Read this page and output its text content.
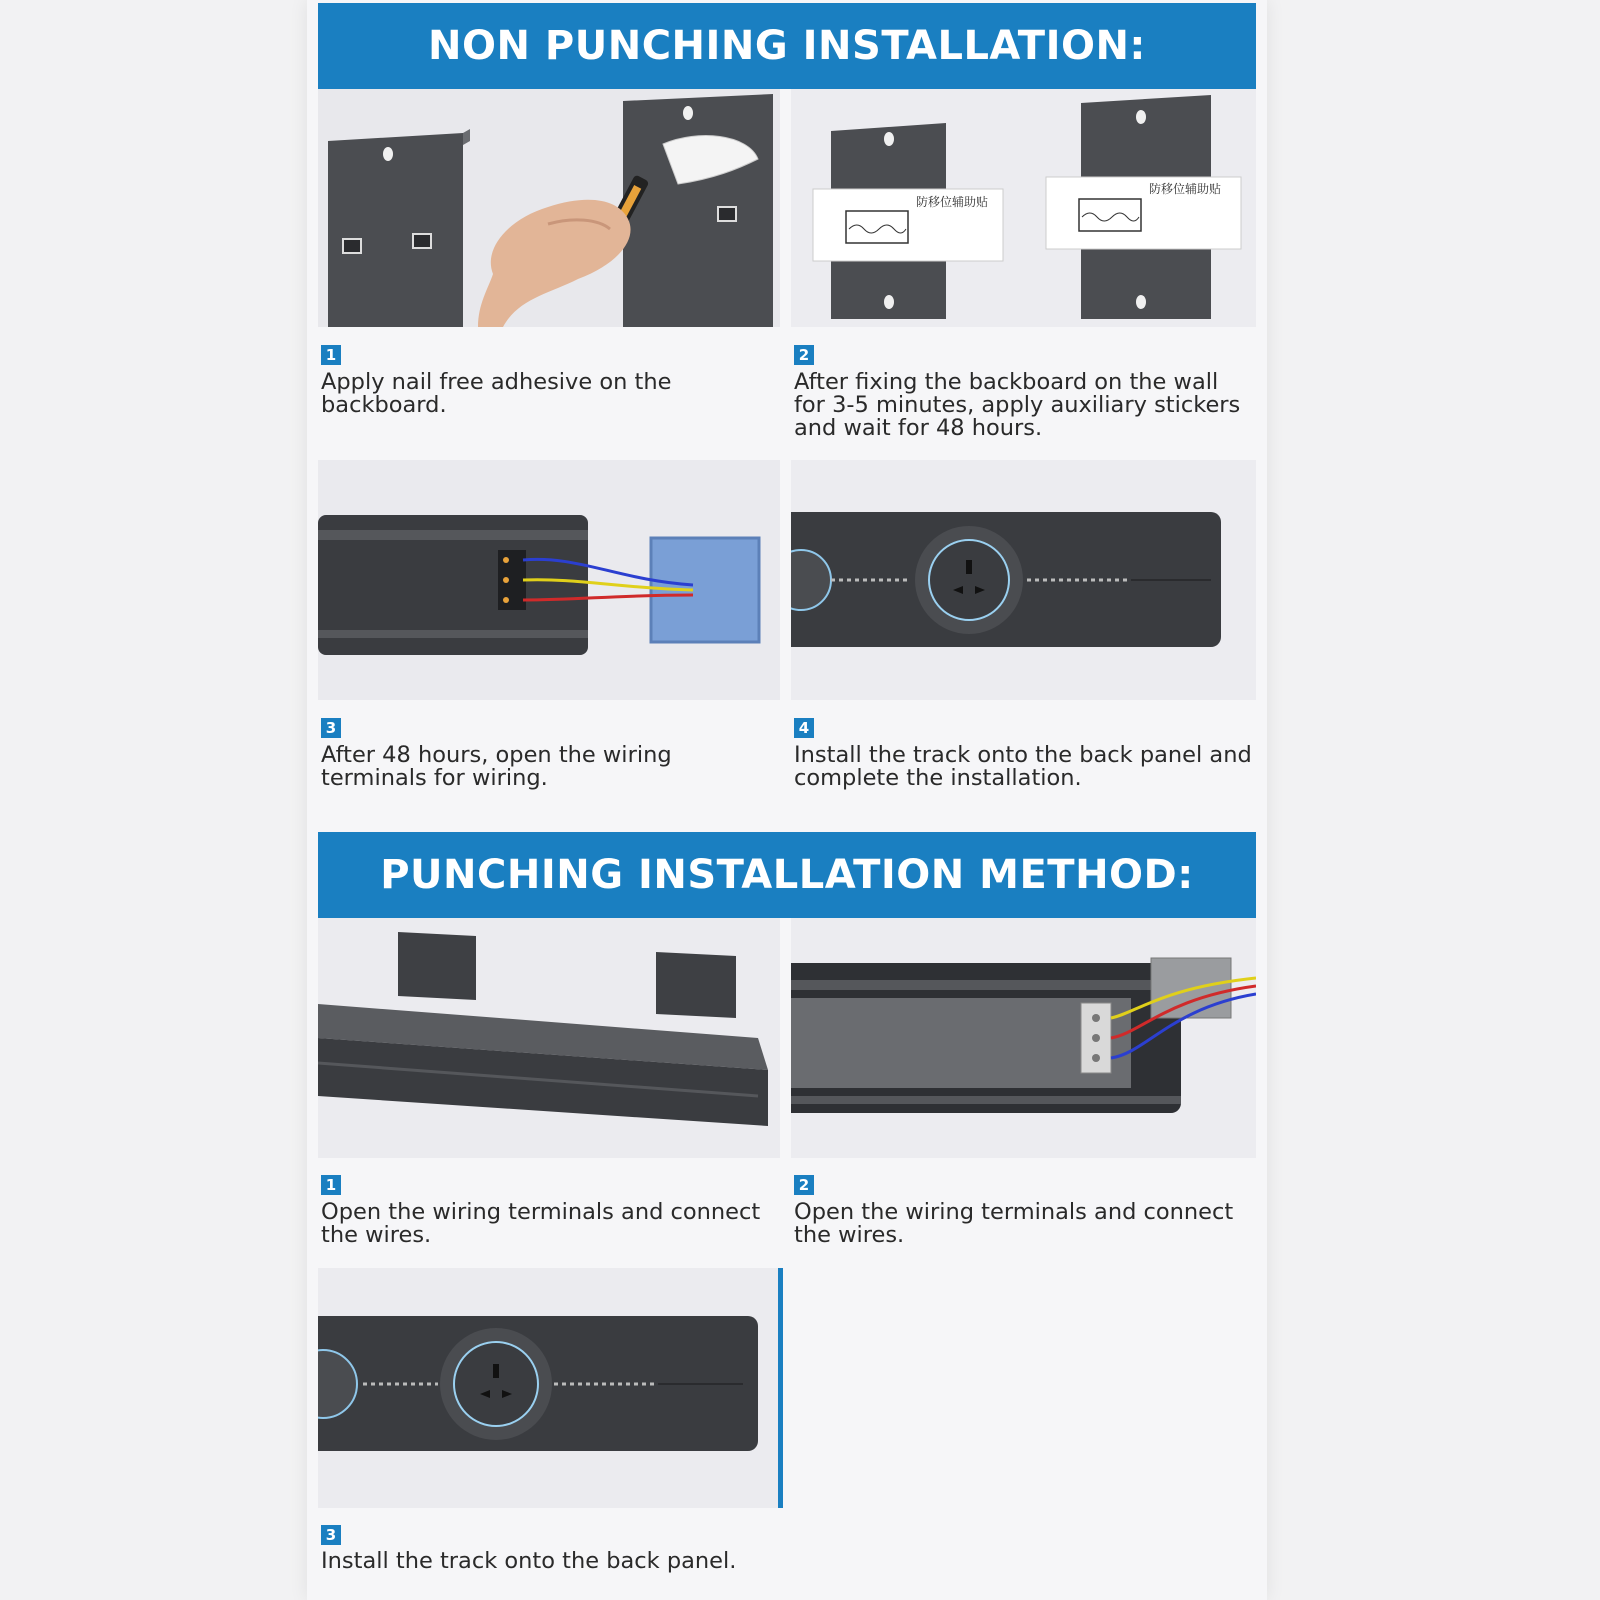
NON PUNCHING INSTALLATION:
防移位辅助贴
防移位辅助贴
1
Apply nail free adhesive on the backboard.
2
After fixing the backboard on the wall for 3-5 minutes, apply auxiliary stickers and wait for 48 hours.
3
After 48 hours, open the wiring terminals for wiring.
4
Install the track onto the back panel and complete the installation.
PUNCHING INSTALLATION METHOD:
1
Open the wiring terminals and connect the wires.
2
Open the wiring terminals and connect the wires.
3
Install the track onto the back panel.
